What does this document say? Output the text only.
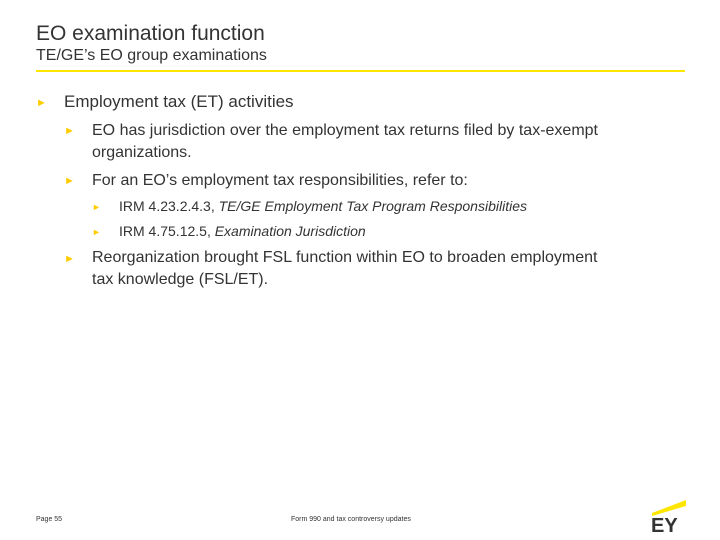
EO examination function
TE/GE’s EO group examinations
► Employment tax (ET) activities
► EO has jurisdiction over the employment tax returns filed by tax-exempt
organizations.
► For an EO’s employment tax responsibilities, refer to:
► IRM 4.23.2.4.3, TE/GE Employment Tax Program Responsibilities
► IRM 4.75.12.5, Examination Jurisdiction
► Reorganization brought FSL function within EO to broaden employment
tax knowledge (FSL/ET).
Page 55	Form 990 and tax controversy updates	EY
